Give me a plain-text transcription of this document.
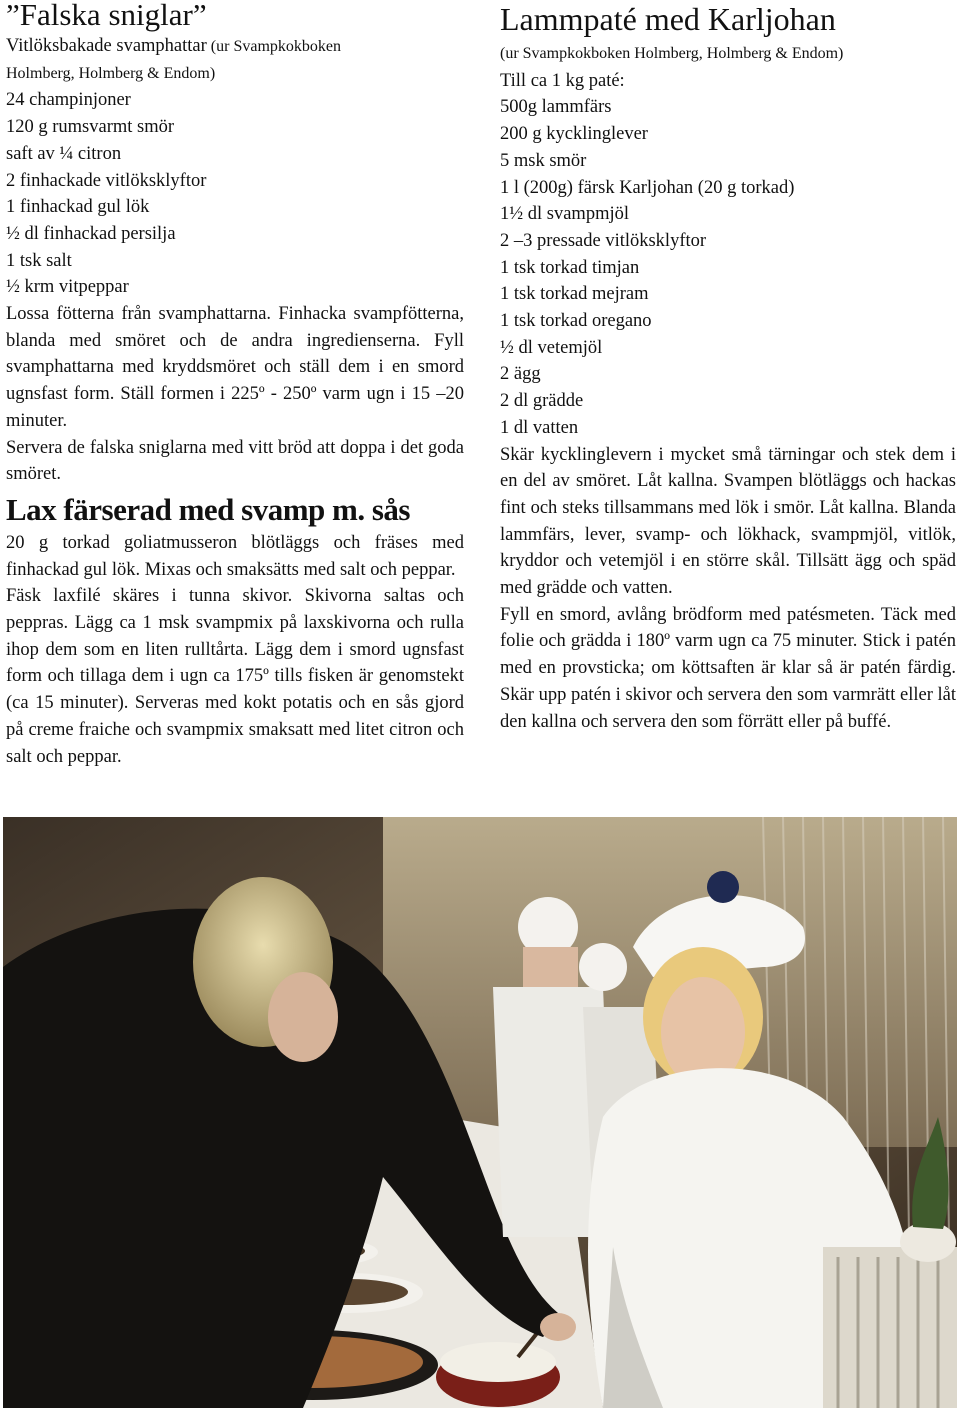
”Falska sniglar”
Vitlöksbakade svamphattar (ur Svampkokboken
Holmberg, Holmberg & Endom)
24 champinjoner
120 g rumsvarmt smör
saft av ¼ citron
2 finhackade vitlöksklyftor
1 finhackad gul lök
½ dl finhackad persilja
1 tsk salt
½ krm vitpeppar

Lossa fötterna från svamphattarna. Finhacka svampfötterna, blanda med smöret och de andra ingredienserna. Fyll svamphattarna med kryddsmöret och ställ dem i en smord ugnsfast form. Ställ formen i 225º - 250º varm ugn i 15 –20 minuter.

Servera de falska sniglarna med vitt bröd att doppa i det goda smöret.

Lax färserad med svamp m. sås

20 g torkad goliatmusseron blötläggs och fräses med finhackad gul lök. Mixas och smaksätts med salt och peppar.

Fäsk laxfilé skäres i tunna skivor. Skivorna saltas och peppras. Lägg ca 1 msk svampmix på laxskivorna och rulla ihop dem som en liten rulltårta. Lägg dem i smord ugnsfast form och tillaga dem i ugn ca 175º tills fisken är genomstekt (ca 15 minuter). Serveras med kokt potatis och en sås gjord på creme fraiche och svampmix smaksatt med litet citron och salt och peppar.

Lammpaté med Karljohan
(ur Svampkokboken Holmberg, Holmberg & Endom)
Till ca 1 kg paté:
500g lammfärs
200 g kycklinglever
5 msk smör
1 l (200g) färsk Karljohan (20 g torkad)
1½ dl svampmjöl
2 –3 pressade vitlöksklyftor
1 tsk torkad timjan
1 tsk torkad mejram
1 tsk torkad oregano
½ dl vetemjöl
2 ägg
2 dl grädde
1 dl vatten

Skär kycklinglevern i mycket små tärningar och stek dem i en del av smöret. Låt kallna. Svampen blötläggs och hackas fint och steks tillsammans med lök i smör. Låt kallna. Blanda lammfärs, lever, svamp- och lökhack, svampmjöl, vitlök, kryddor och vetemjöl i en större skål. Tillsätt ägg och späd med grädde och vatten.

Fyll en smord, avlång brödform med patésmeten. Täck med folie och grädda i 180º varm ugn ca 75 minuter. Stick i patén med en provsticka; om köttsaften är klar så är patén färdig. Skär upp patén i skivor och servera den som varmrätt eller låt den kallna och servera den som förrätt eller på buffé.
